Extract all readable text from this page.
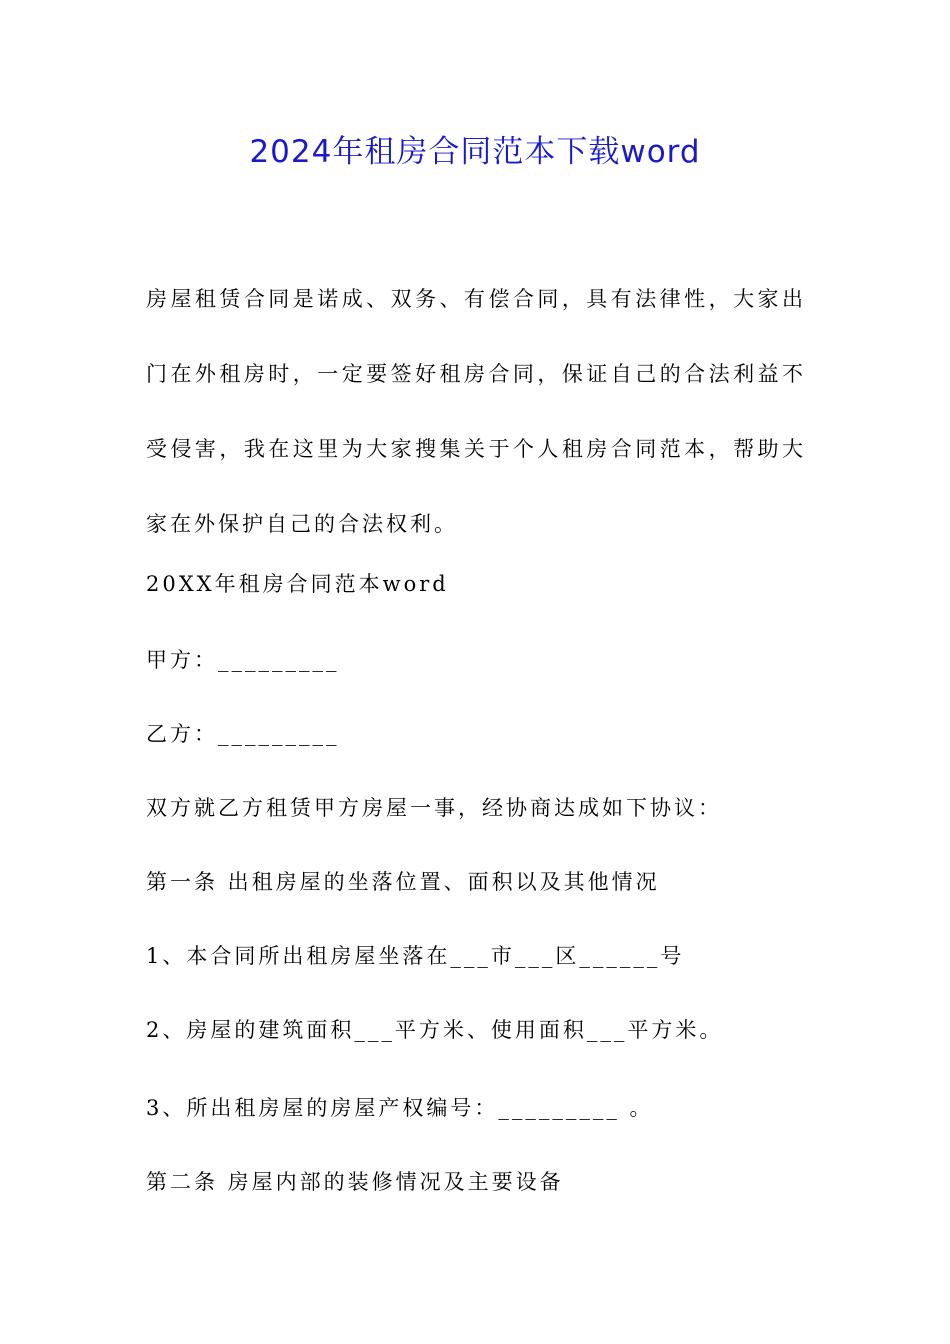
2024年租房合同范本下载word

房屋租赁合同是诺成、双务、有偿合同，具有法律性，大家出门在外租房时，一定要签好租房合同，保证自己的合法利益不受侵害，我在这里为大家搜集关于个人租房合同范本，帮助大家在外保护自己的合法权利。

20XX年租房合同范本word

甲方：_________

乙方：_________

双方就乙方租赁甲方房屋一事，经协商达成如下协议：

第一条 出租房屋的坐落位置、面积以及其他情况

1、本合同所出租房屋坐落在___市___区______号

2、房屋的建筑面积___平方米、使用面积___平方米。

3、所出租房屋的房屋产权编号：_________ 。

第二条 房屋内部的装修情况及主要设备
